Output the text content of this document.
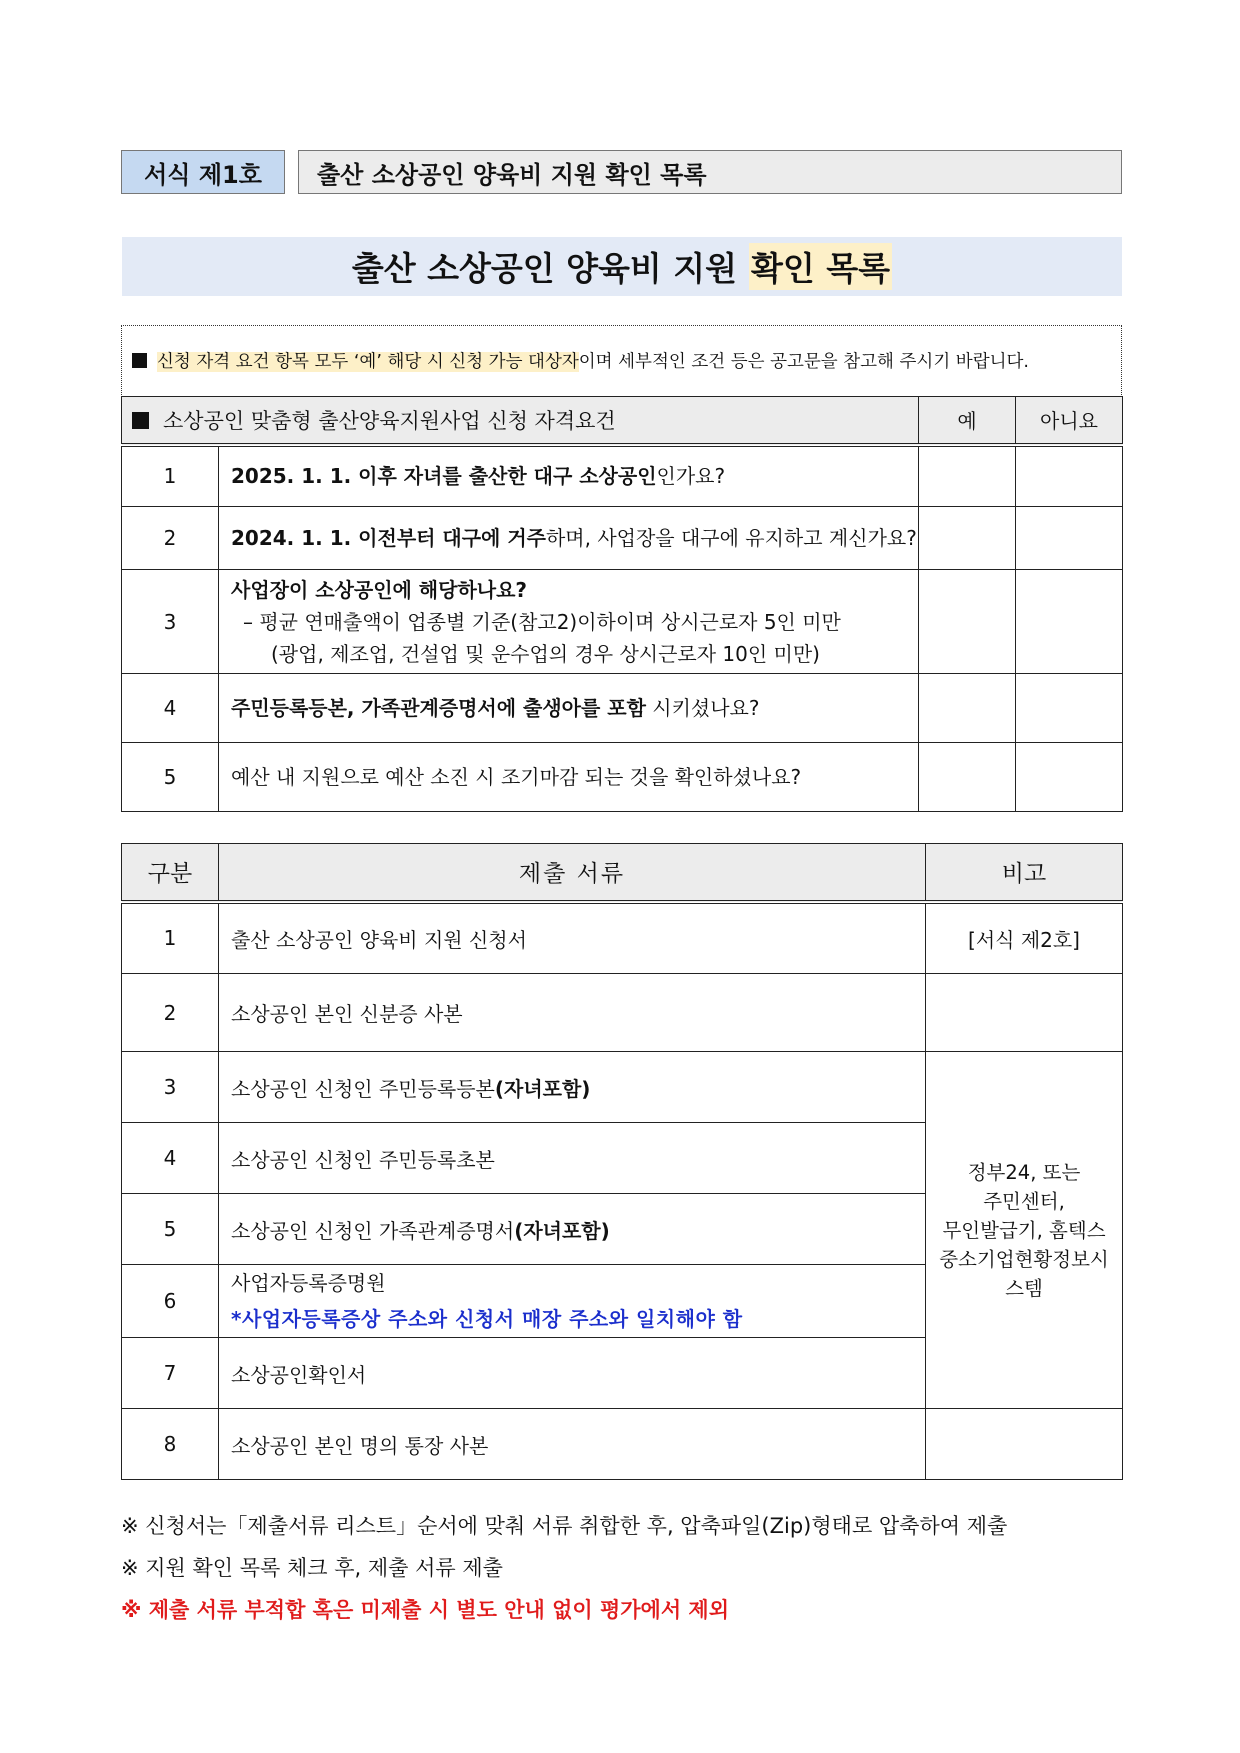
서식 제1호	출산 소상공인 양육비 지원 확인 목록
출산 소상공인 양육비 지원 확인 목록
신청 자격 요건 항목 모두 ‘예’ 해당 시 신청 가능 대상자이며 세부적인 조건 등은 공고문을 참고해 주시기 바랍니다.
소상공인 맞춤형 출산양육지원사업 신청 자격요건		예	아니요
1	2025. 1. 1. 이후 자녀를 출산한 대구 소상공인인가요?		
2	2024. 1. 1. 이전부터 대구에 거주하며, 사업장을 대구에 유지하고 계신가요?		
3	사업장이 소상공인에 해당하나요?
– 평균 연매출액이 업종별 기준(참고2)이하이며 상시근로자 5인 미만
(광업, 제조업, 건설업 및 운수업의 경우 상시근로자 10인 미만)		

4	주민등록등본, 가족관계증명서에 출생아를 포함 시키셨나요?		
5	예산 내 지원으로 예산 소진 시 조기마감 되는 것을 확인하셨나요?		
구분	제출 서류	비고
1	출산 소상공인 양육비 지원 신청서	[서식 제2호]
2	소상공인 본인 신분증 사본	
3	소상공인 신청인 주민등록등본(자녀포함)	정부24, 또는
주민센터,
무인발급기, 홈텍스
중소기업현황정보시
스템

4	소상공인 신청인 주민등록초본	
5	소상공인 신청인 가족관계증명서(자녀포함)	
6	사업자등록증명원
*사업자등록증상 주소와 신청서 매장 주소와 일치해야 함	

7	소상공인확인서	
8	소상공인 본인 명의 통장 사본	
※ 신청서는「제출서류 리스트」순서에 맞춰 서류 취합한 후, 압축파일(Zip)형태로 압축하여 제출
※ 지원 확인 목록 체크 후, 제출 서류 제출
※ 제출 서류 부적합 혹은 미제출 시 별도 안내 없이 평가에서 제외
